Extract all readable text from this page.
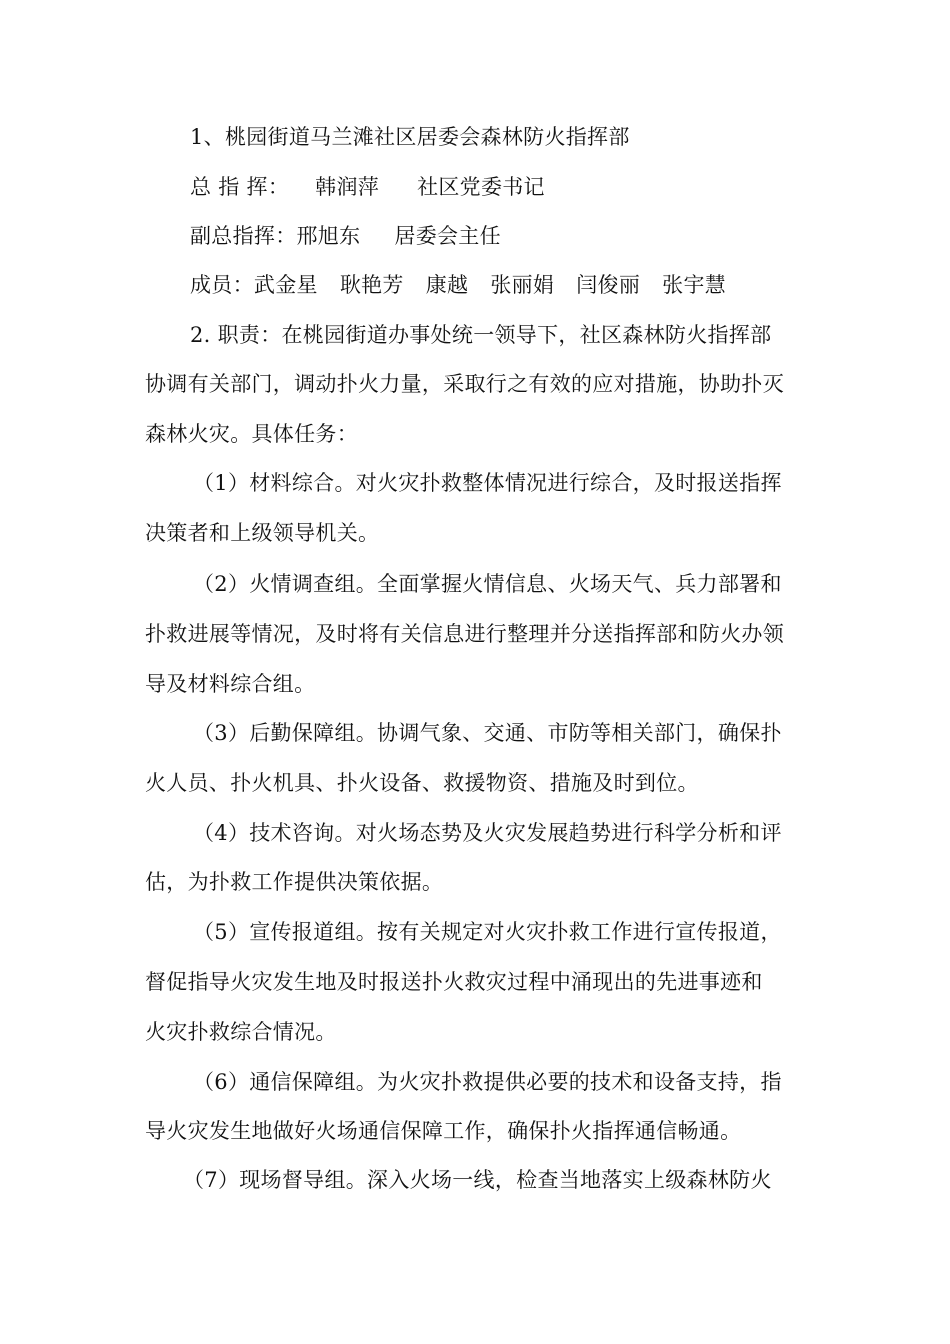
1、桃园街道马兰滩社区居委会森林防火指挥部
总 指 挥： 韩润萍 社区党委书记
副总指挥：邢旭东 居委会主任
成员：武金星 耿艳芳 康越 张丽娟 闫俊丽 张宇慧
2. 职责：在桃园街道办事处统一领导下，社区森林防火指挥部
协调有关部门，调动扑火力量，采取行之有效的应对措施，协助扑灭
森林火灾。具体任务：
（1）材料综合。对火灾扑救整体情况进行综合，及时报送指挥
决策者和上级领导机关。
（2）火情调查组。全面掌握火情信息、火场天气、兵力部署和
扑救进展等情况，及时将有关信息进行整理并分送指挥部和防火办领
导及材料综合组。
（3）后勤保障组。协调气象、交通、市防等相关部门，确保扑
火人员、扑火机具、扑火设备、救援物资、措施及时到位。
（4）技术咨询。对火场态势及火灾发展趋势进行科学分析和评
估，为扑救工作提供决策依据。
（5）宣传报道组。按有关规定对火灾扑救工作进行宣传报道，
督促指导火灾发生地及时报送扑火救灾过程中涌现出的先进事迹和
火灾扑救综合情况。
（6）通信保障组。为火灾扑救提供必要的技术和设备支持，指
导火灾发生地做好火场通信保障工作，确保扑火指挥通信畅通。
（7）现场督导组。深入火场一线，检查当地落实上级森林防火
